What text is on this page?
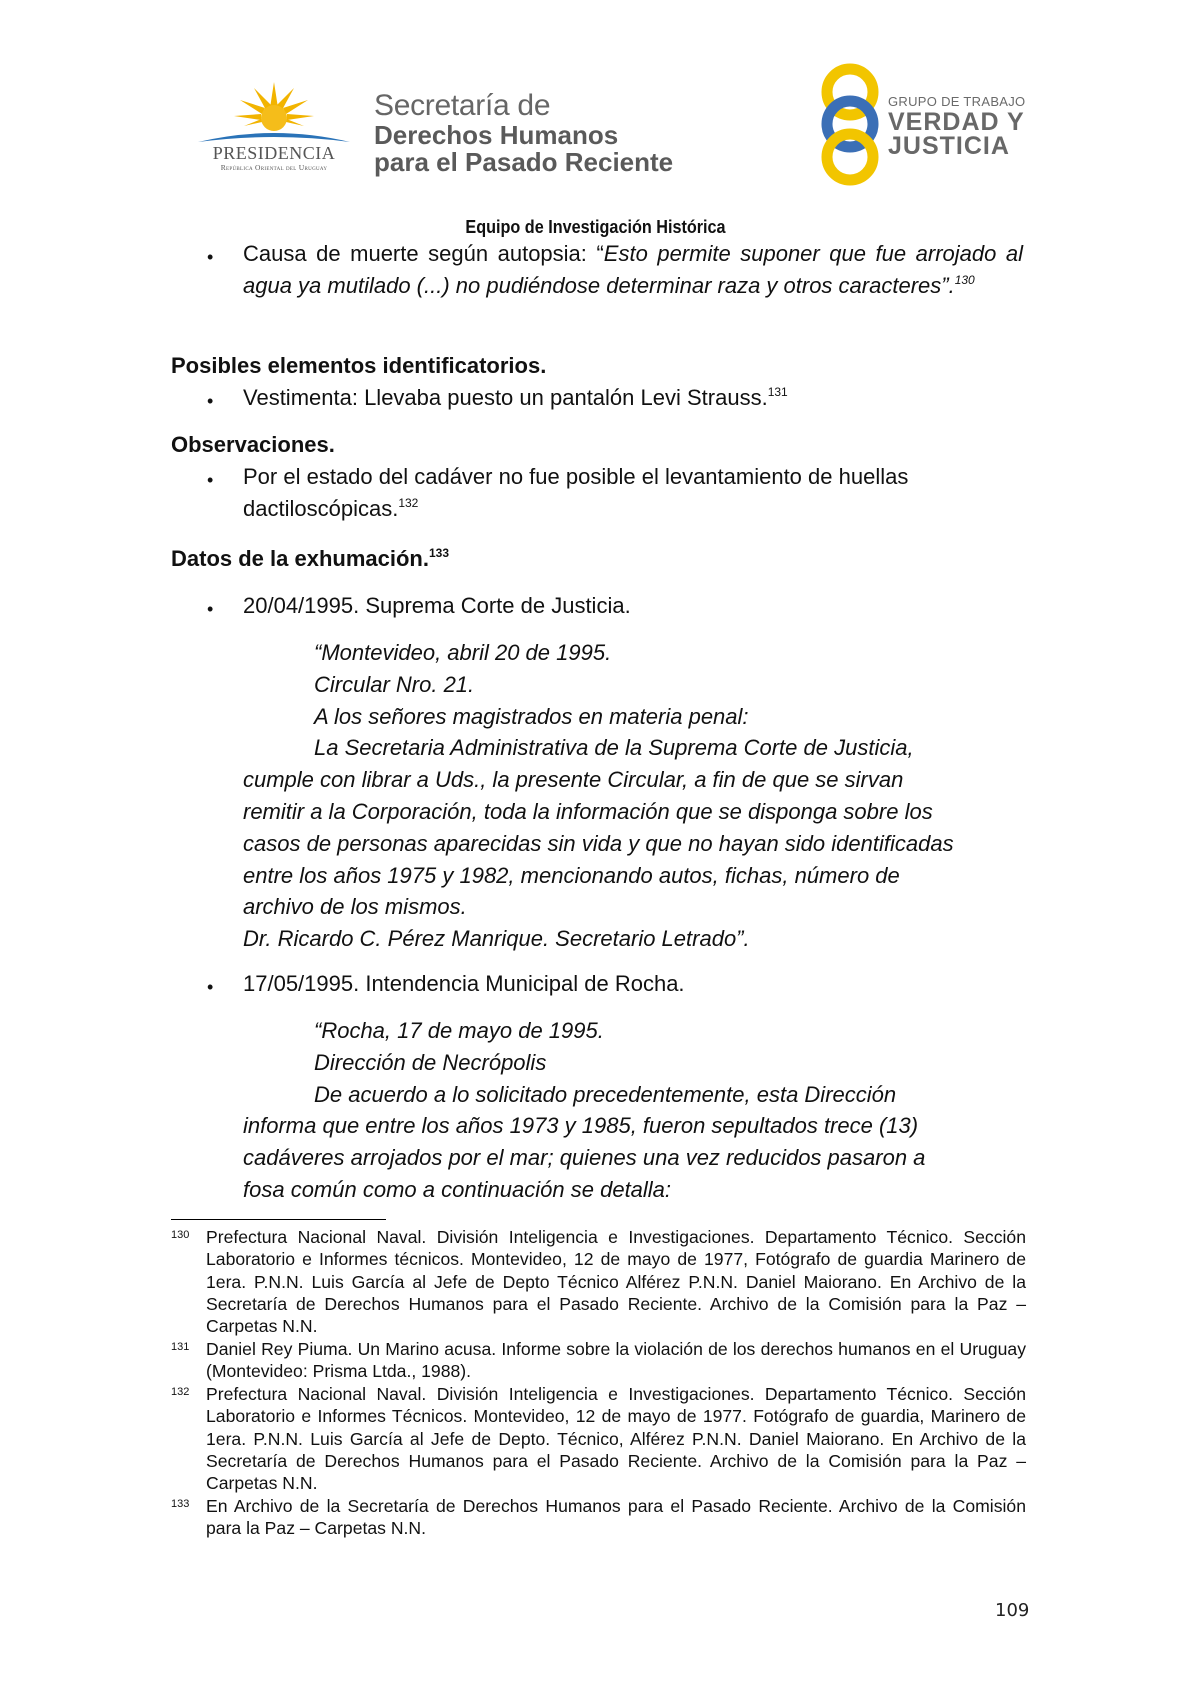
PRESIDENCIA
República Oriental del Uruguay
Secretaría de
Derechos Humanos
para el Pasado Reciente
GRUPO DE TRABAJO
VERDAD Y
JUSTICIA
Equipo de Investigación Histórica
• Causa de muerte según autopsia: “Esto permite suponer que fue arrojado al agua ya mutilado (...) no pudiéndose determinar raza y otros caracteres”.$^{130}$
Posibles elementos identificatorios.
• Vestimenta: Llevaba puesto un pantalón Levi Strauss.$^{131}$
Observaciones.
• Por el estado del cadáver no fue posible el levantamiento de huellas dactiloscópicas.$^{132}$
Datos de la exhumación.$^{133}$
• 20/04/1995. Suprema Corte de Justicia.
“Montevideo, abril 20 de 1995.
Circular Nro. 21.
A los señores magistrados en materia penal:
La Secretaria Administrativa de la Suprema Corte de Justicia,
cumple con librar a Uds., la presente Circular, a fin de que se sirvan
remitir a la Corporación, toda la información que se disponga sobre los
casos de personas aparecidas sin vida y que no hayan sido identificadas
entre los años 1975 y 1982, mencionando autos, fichas, número de
archivo de los mismos.
Dr. Ricardo C. Pérez Manrique. Secretario Letrado”.
• 17/05/1995. Intendencia Municipal de Rocha.
“Rocha, 17 de mayo de 1995.
Dirección de Necrópolis
De acuerdo a lo solicitado precedentemente, esta Dirección
informa que entre los años 1973 y 1985, fueron sepultados trece (13)
cadáveres arrojados por el mar; quienes una vez reducidos pasaron a
fosa común como a continuación se detalla:
130 Prefectura Nacional Naval. División Inteligencia e Investigaciones. Departamento Técnico. Sección Laboratorio e Informes técnicos. Montevideo, 12 de mayo de 1977, Fotógrafo de guardia Marinero de 1era. P.N.N. Luis García al Jefe de Depto Técnico Alférez P.N.N. Daniel Maiorano. En Archivo de la Secretaría de Derechos Humanos para el Pasado Reciente. Archivo de la Comisión para la Paz – Carpetas N.N.
131 Daniel Rey Piuma. Un Marino acusa. Informe sobre la violación de los derechos humanos en el Uruguay (Montevideo: Prisma Ltda., 1988).
132 Prefectura Nacional Naval. División Inteligencia e Investigaciones. Departamento Técnico. Sección Laboratorio e Informes Técnicos. Montevideo, 12 de mayo de 1977. Fotógrafo de guardia, Marinero de 1era. P.N.N. Luis García al Jefe de Depto. Técnico, Alférez P.N.N. Daniel Maiorano. En Archivo de la Secretaría de Derechos Humanos para el Pasado Reciente. Archivo de la Comisión para la Paz – Carpetas N.N.
133 En Archivo de la Secretaría de Derechos Humanos para el Pasado Reciente. Archivo de la Comisión para la Paz – Carpetas N.N.
109
